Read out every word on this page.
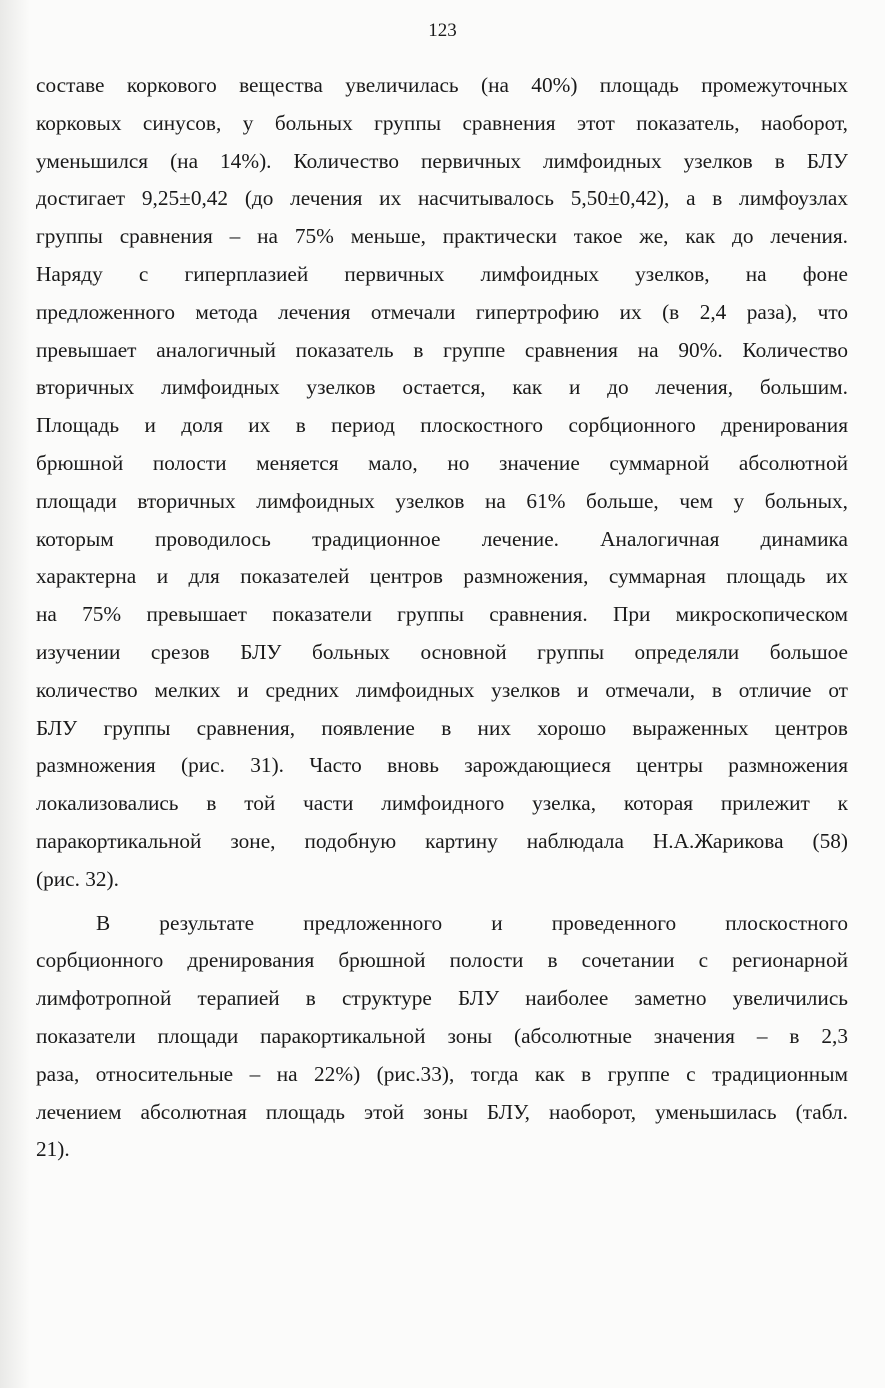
123
составе коркового вещества увеличилась (на 40%) площадь промежуточных
корковых синусов, у больных группы сравнения этот показатель, наоборот,
уменьшился (на 14%). Количество первичных лимфоидных узелков в БЛУ
достигает 9,25±0,42 (до лечения их насчитывалось 5,50±0,42), а в лимфоузлах
группы сравнения – на 75% меньше, практически такое же, как до лечения.
Наряду с гиперплазией первичных лимфоидных узелков, на фоне
предложенного метода лечения отмечали гипертрофию их (в 2,4 раза), что
превышает аналогичный показатель в группе сравнения на 90%. Количество
вторичных лимфоидных узелков остается, как и до лечения, большим.
Площадь и доля их в период плоскостного сорбционного дренирования
брюшной полости меняется мало, но значение суммарной абсолютной
площади вторичных лимфоидных узелков на 61% больше, чем у больных,
которым проводилось традиционное лечение. Аналогичная динамика
характерна и для показателей центров размножения, суммарная площадь их
на 75% превышает показатели группы сравнения. При микроскопическом
изучении срезов БЛУ больных основной группы определяли большое
количество мелких и средних лимфоидных узелков и отмечали, в отличие от
БЛУ группы сравнения, появление в них хорошо выраженных центров
размножения (рис. 31). Часто вновь зарождающиеся центры размножения
локализовались в той части лимфоидного узелка, которая прилежит к
паракортикальной зоне, подобную картину наблюдала Н.А.Жарикова (58)
(рис. 32).
В результате предложенного и проведенного плоскостного
сорбционного дренирования брюшной полости в сочетании с регионарной
лимфотропной терапией в структуре БЛУ наиболее заметно увеличились
показатели площади паракортикальной зоны (абсолютные значения – в 2,3
раза, относительные – на 22%) (рис.33), тогда как в группе с традиционным
лечением абсолютная площадь этой зоны БЛУ, наоборот, уменьшилась (табл.
21).
